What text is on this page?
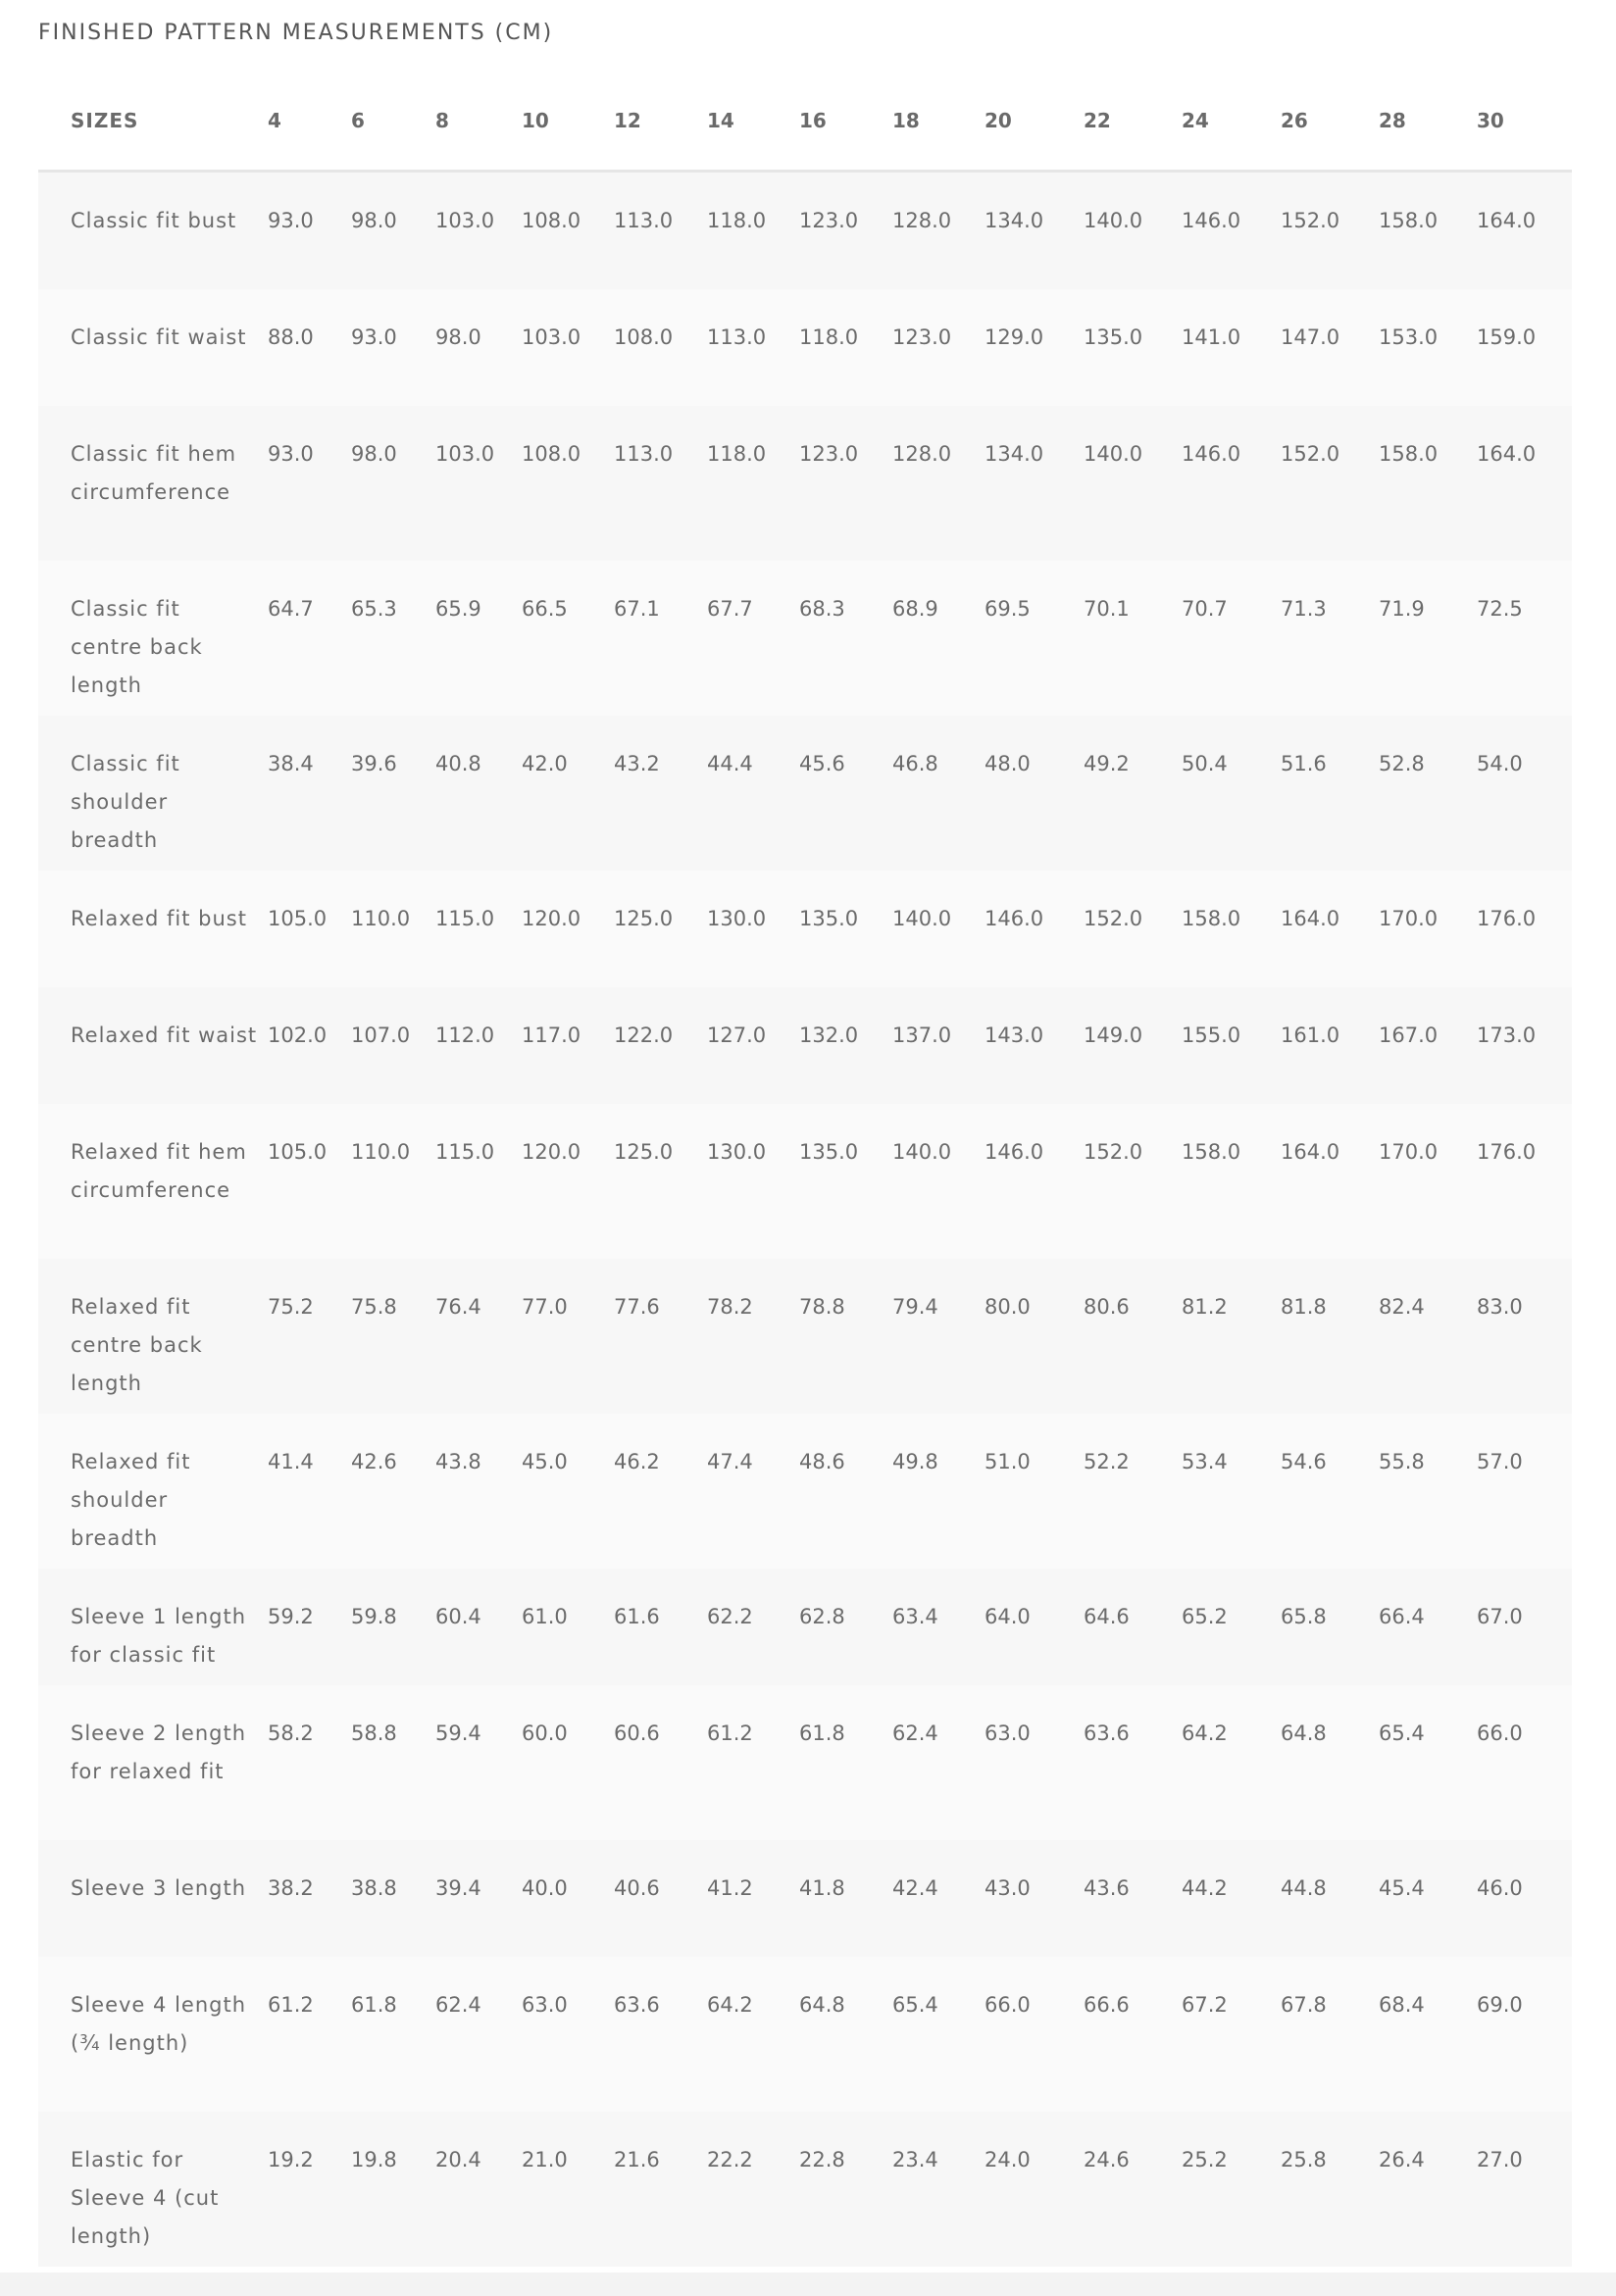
FINISHED PATTERN MEASUREMENTS (CM)
SIZES	4	6	8	10	12	14	16	18	20	22	24	26	28	30
Classic fit bust	93.0	98.0	103.0	108.0	113.0	118.0	123.0	128.0	134.0	140.0	146.0	152.0	158.0	164.0
Classic fit waist	88.0	93.0	98.0	103.0	108.0	113.0	118.0	123.0	129.0	135.0	141.0	147.0	153.0	159.0
Classic fit hem circumference	93.0	98.0	103.0	108.0	113.0	118.0	123.0	128.0	134.0	140.0	146.0	152.0	158.0	164.0
Classic fit centre back length	64.7	65.3	65.9	66.5	67.1	67.7	68.3	68.9	69.5	70.1	70.7	71.3	71.9	72.5
Classic fit shoulder breadth	38.4	39.6	40.8	42.0	43.2	44.4	45.6	46.8	48.0	49.2	50.4	51.6	52.8	54.0
Relaxed fit bust	105.0	110.0	115.0	120.0	125.0	130.0	135.0	140.0	146.0	152.0	158.0	164.0	170.0	176.0
Relaxed fit waist	102.0	107.0	112.0	117.0	122.0	127.0	132.0	137.0	143.0	149.0	155.0	161.0	167.0	173.0
Relaxed fit hem circumference	105.0	110.0	115.0	120.0	125.0	130.0	135.0	140.0	146.0	152.0	158.0	164.0	170.0	176.0
Relaxed fit centre back length	75.2	75.8	76.4	77.0	77.6	78.2	78.8	79.4	80.0	80.6	81.2	81.8	82.4	83.0
Relaxed fit shoulder breadth	41.4	42.6	43.8	45.0	46.2	47.4	48.6	49.8	51.0	52.2	53.4	54.6	55.8	57.0
Sleeve 1 length for classic fit	59.2	59.8	60.4	61.0	61.6	62.2	62.8	63.4	64.0	64.6	65.2	65.8	66.4	67.0
Sleeve 2 length for relaxed fit	58.2	58.8	59.4	60.0	60.6	61.2	61.8	62.4	63.0	63.6	64.2	64.8	65.4	66.0
Sleeve 3 length	38.2	38.8	39.4	40.0	40.6	41.2	41.8	42.4	43.0	43.6	44.2	44.8	45.4	46.0
Sleeve 4 length (¾ length)	61.2	61.8	62.4	63.0	63.6	64.2	64.8	65.4	66.0	66.6	67.2	67.8	68.4	69.0
Elastic for Sleeve 4 (cut length)	19.2	19.8	20.4	21.0	21.6	22.2	22.8	23.4	24.0	24.6	25.2	25.8	26.4	27.0
